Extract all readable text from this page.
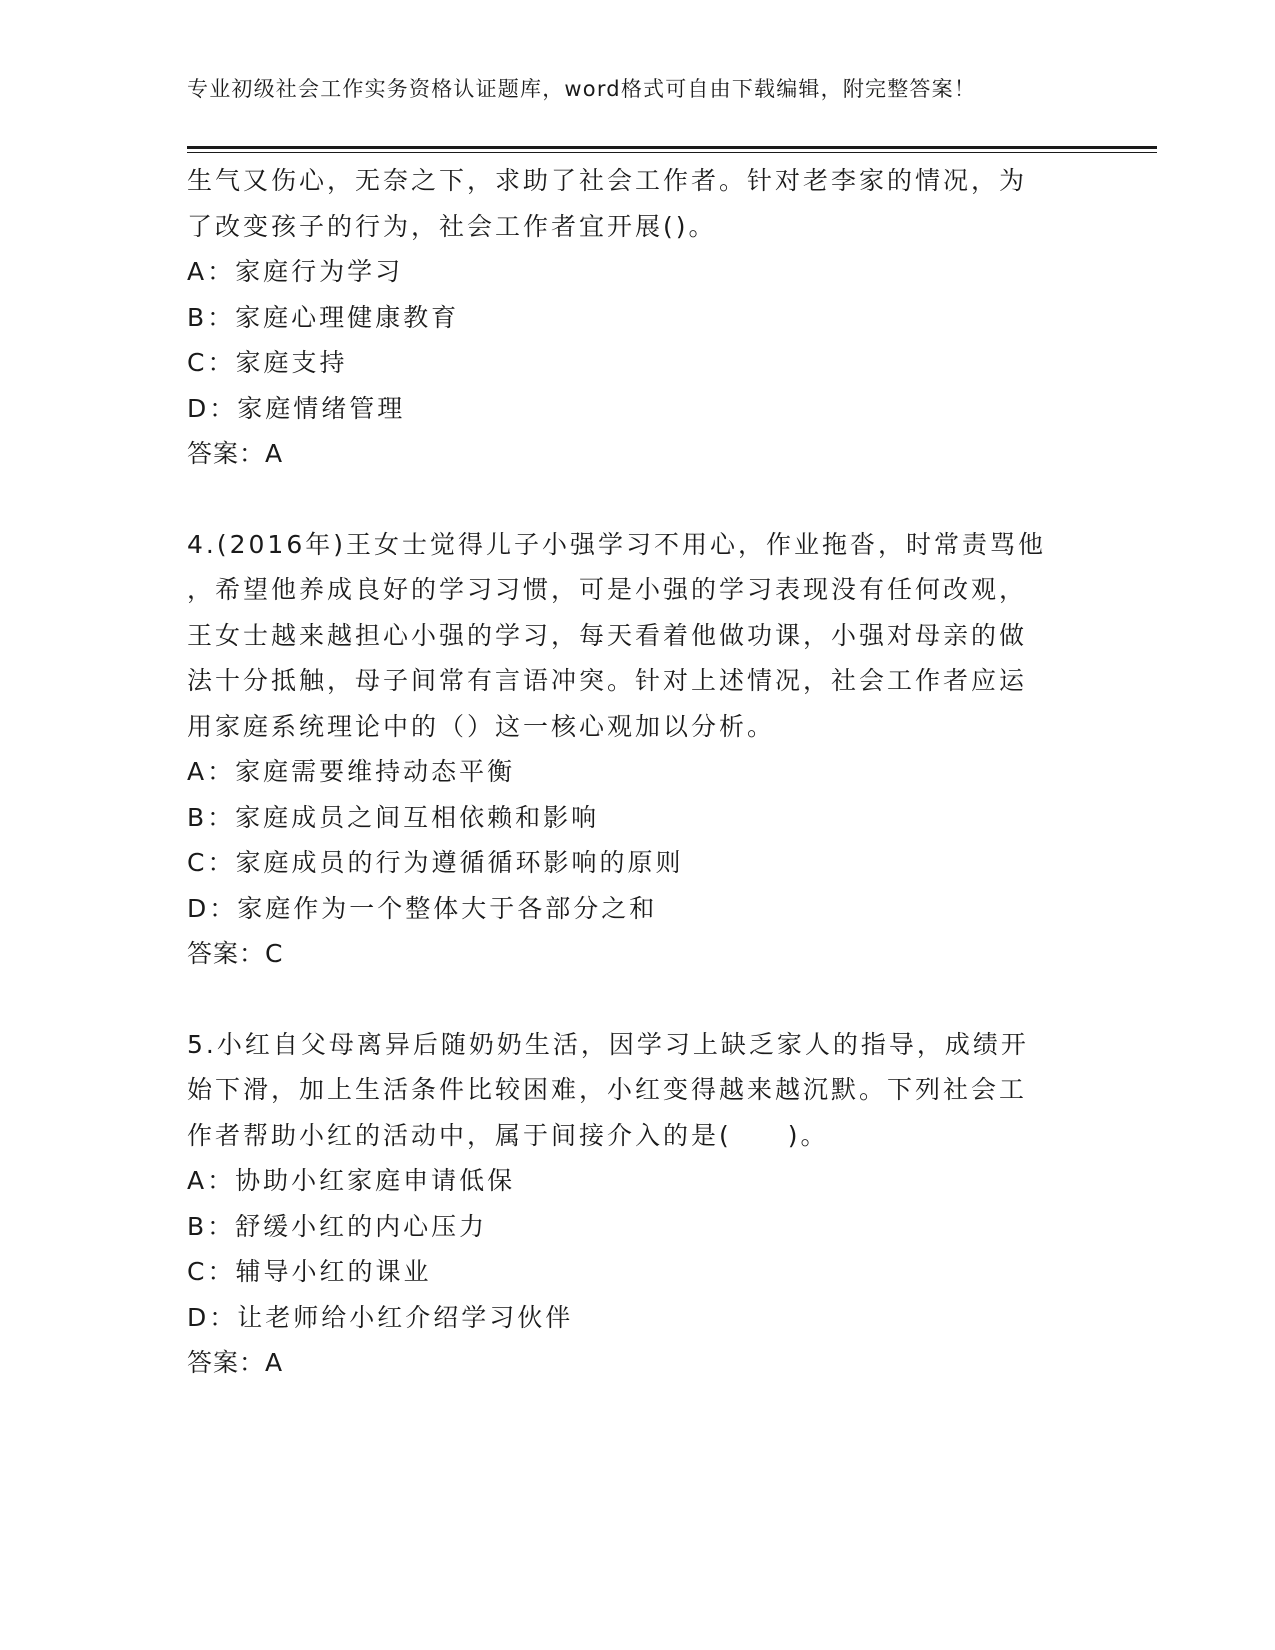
专业初级社会工作实务资格认证题库，word格式可自由下载编辑，附完整答案！
生气又伤心，无奈之下，求助了社会工作者。针对老李家的情况，为
了改变孩子的行为，社会工作者宜开展()。
A：家庭行为学习
B：家庭心理健康教育
C：家庭支持
D：家庭情绪管理
答案：A
4.(2016年)王女士觉得儿子小强学习不用心，作业拖沓，时常责骂他
，希望他养成良好的学习习惯，可是小强的学习表现没有任何改观，
王女士越来越担心小强的学习，每天看着他做功课，小强对母亲的做
法十分抵触，母子间常有言语冲突。针对上述情况，社会工作者应运
用家庭系统理论中的（）这一核心观加以分析。
A：家庭需要维持动态平衡
B：家庭成员之间互相依赖和影响
C：家庭成员的行为遵循循环影响的原则
D：家庭作为一个整体大于各部分之和
答案：C
5.小红自父母离异后随奶奶生活，因学习上缺乏家人的指导，成绩开
始下滑，加上生活条件比较困难，小红变得越来越沉默。下列社会工
作者帮助小红的活动中，属于间接介入的是(　　)。
A：协助小红家庭申请低保
B：舒缓小红的内心压力
C：辅导小红的课业
D：让老师给小红介绍学习伙伴
答案：A
